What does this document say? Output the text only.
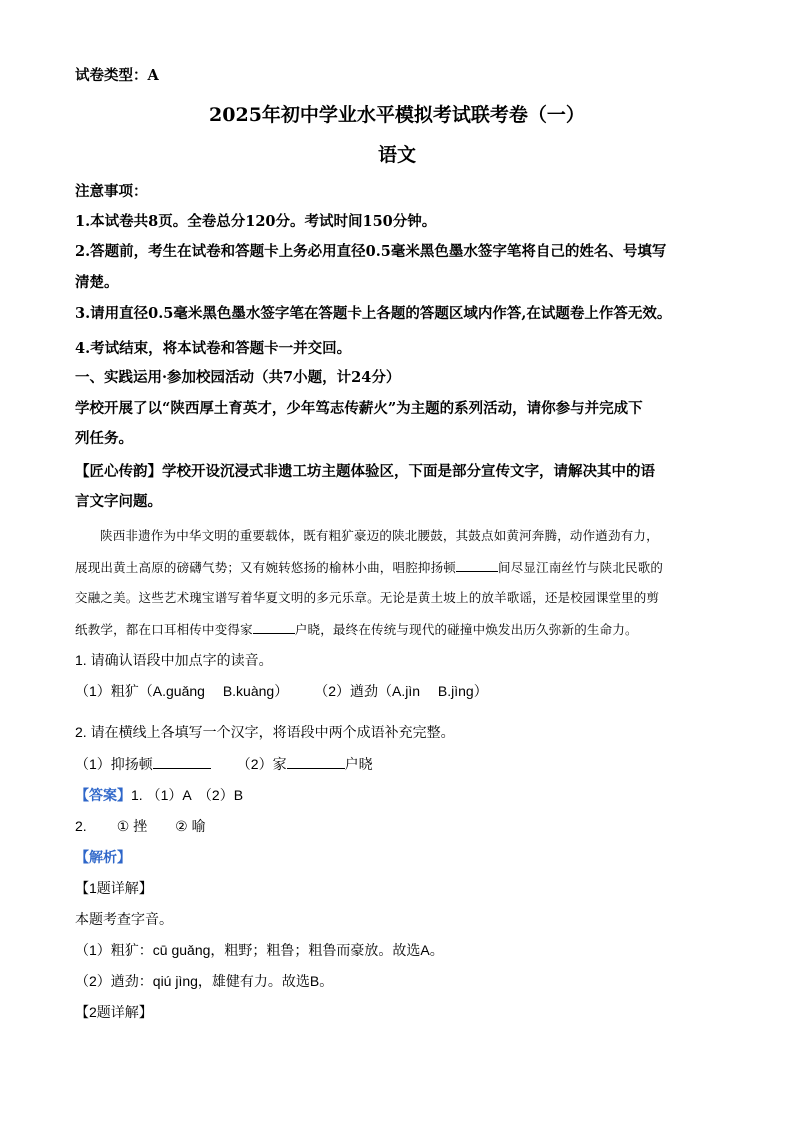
试卷类型：A
2025年初中学业水平模拟考试联考卷（一）
语文
注意事项：
1.本试卷共8页。全卷总分120分。考试时间150分钟。
2.答题前，考生在试卷和答题卡上务必用直径0.5毫米黑色墨水签字笔将自己的姓名、号填写
清楚。
3.请用直径0.5毫米黑色墨水签字笔在答题卡上各题的答题区域内作答,在试题卷上作答无效。
4.考试结束，将本试卷和答题卡一并交回。
一、实践运用·参加校园活动（共7小题，计24分）
学校开展了以“陕西厚土育英才，少年笃志传薪火”为主题的系列活动，请你参与并完成下
列任务。
【匠心传韵】学校开设沉浸式非遗工坊主题体验区，下面是部分宣传文字，请解决其中的语
言文字问题。
陕西非遗作为中华文明的重要载体，既有粗犷豪迈的陕北腰鼓，其鼓点如黄河奔腾，动作遒劲有力，
展现出黄土高原的磅礴气势；又有婉转悠扬的榆林小曲，唱腔抑扬顿	间尽显江南丝竹与陕北民歌的
交融之美。这些艺术瑰宝谱写着华夏文明的多元乐章。无论是黄土坡上的放羊歌谣，还是校园课堂里的剪
纸教学，都在口耳相传中变得家	户晓，最终在传统与现代的碰撞中焕发出历久弥新的生命力。
1. 请确认语段中加点字的读音。
（1）粗犷（A.guǎng　 B.kuàng） （2）遒劲（A.jìn　 B.jìng）
2. 请在横线上各填写一个汉字，将语段中两个成语补充完整。
（1）抑扬顿	（2）家	户晓
【答案】1. （1）A　（2）B
2. ① 挫 ② 喻
【解析】
【1题详解】
本题考查字音。
（1）粗犷：cū guǎng，粗野；粗鲁；粗鲁而豪放。故选A。
（2）遒劲：qiú jìng，雄健有力。故选B。
【2题详解】
